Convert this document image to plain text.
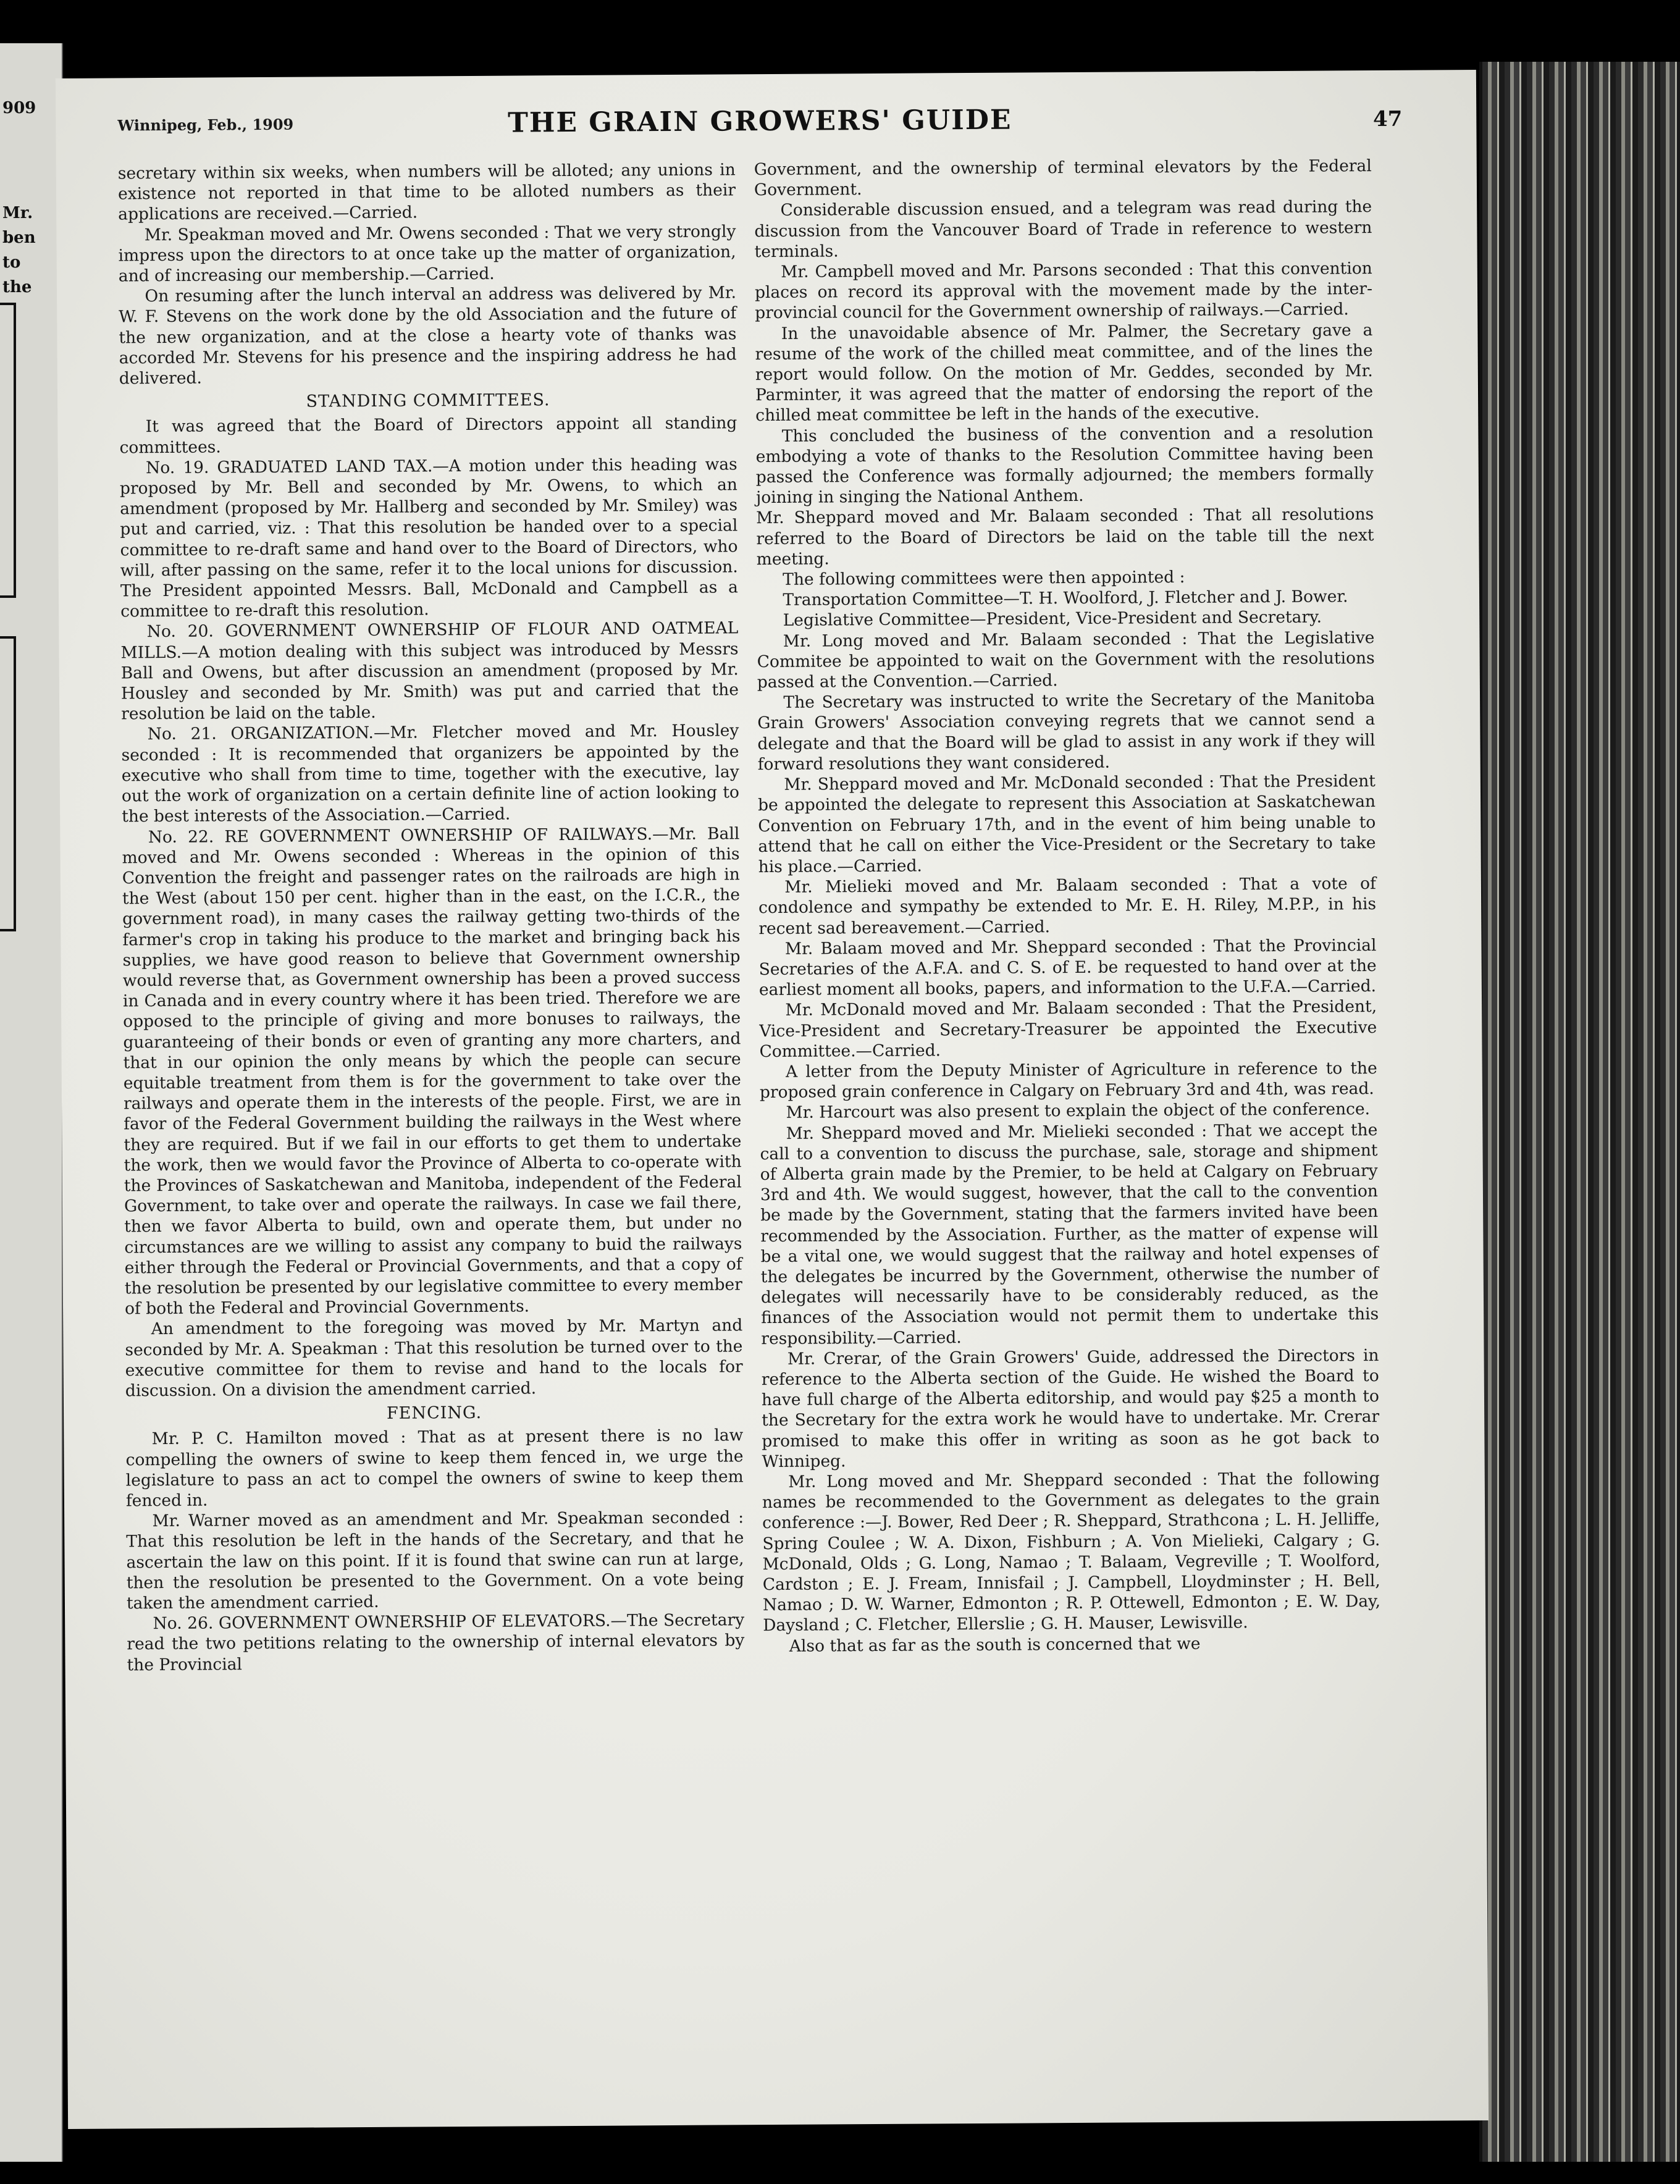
909
Mr.
ben
to
the
Winnipeg, Feb., 1909	THE GRAIN GROWERS' GUIDE	47

secretary within six weeks, when numbers will be alloted; any unions in existence not reported in that time to be alloted numbers as their applications are received.—Carried.

Mr. Speakman moved and Mr. Owens seconded : That we very strongly impress upon the directors to at once take up the matter of organization, and of increasing our membership.—Carried.

On resuming after the lunch interval an address was delivered by Mr. W. F. Stevens on the work done by the old Association and the future of the new organization, and at the close a hearty vote of thanks was accorded Mr. Stevens for his presence and the inspiring address he had delivered.

STANDING COMMITTEES.

It was agreed that the Board of Directors appoint all standing committees.

No. 19. GRADUATED LAND TAX.—A motion under this heading was proposed by Mr. Bell and seconded by Mr. Owens, to which an amendment (proposed by Mr. Hallberg and seconded by Mr. Smiley) was put and carried, viz. : That this resolution be handed over to a special committee to re-draft same and hand over to the Board of Directors, who will, after passing on the same, refer it to the local unions for discussion. The President appointed Messrs. Ball, McDonald and Campbell as a committee to re-draft this resolution.

No. 20. GOVERNMENT OWNERSHIP OF FLOUR AND OATMEAL MILLS.—A motion dealing with this subject was introduced by Messrs Ball and Owens, but after discussion an amendment (proposed by Mr. Housley and seconded by Mr. Smith) was put and carried that the resolution be laid on the table.

No. 21. ORGANIZATION.—Mr. Fletcher moved and Mr. Housley seconded : It is recommended that organizers be appointed by the executive who shall from time to time, together with the executive, lay out the work of organization on a certain definite line of action looking to the best interests of the Association.—Carried.

No. 22. RE GOVERNMENT OWNERSHIP OF RAILWAYS.—Mr. Ball moved and Mr. Owens seconded : Whereas in the opinion of this Convention the freight and passenger rates on the railroads are high in the West (about 150 per cent. higher than in the east, on the I.C.R., the government road), in many cases the railway getting two-thirds of the farmer's crop in taking his produce to the market and bringing back his supplies, we have good reason to believe that Government ownership would reverse that, as Government ownership has been a proved success in Canada and in every country where it has been tried. Therefore we are opposed to the principle of giving and more bonuses to railways, the guaranteeing of their bonds or even of granting any more charters, and that in our opinion the only means by which the people can secure equitable treatment from them is for the government to take over the railways and operate them in the interests of the people. First, we are in favor of the Federal Government building the railways in the West where they are required. But if we fail in our efforts to get them to undertake the work, then we would favor the Province of Alberta to co-operate with the Provinces of Saskatchewan and Manitoba, independent of the Federal Government, to take over and operate the railways. In case we fail there, then we favor Alberta to build, own and operate them, but under no circumstances are we willing to assist any company to buid the railways either through the Federal or Provincial Governments, and that a copy of the resolution be presented by our legislative committee to every member of both the Federal and Provincial Governments.

An amendment to the foregoing was moved by Mr. Martyn and seconded by Mr. A. Speakman : That this resolution be turned over to the executive committee for them to revise and hand to the locals for discussion. On a division the amendment carried.

FENCING.

Mr. P. C. Hamilton moved : That as at present there is no law compelling the owners of swine to keep them fenced in, we urge the legislature to pass an act to compel the owners of swine to keep them fenced in.

Mr. Warner moved as an amendment and Mr. Speakman seconded : That this resolution be left in the hands of the Secretary, and that he ascertain the law on this point. If it is found that swine can run at large, then the resolution be presented to the Government. On a vote being taken the amendment carried.

No. 26. GOVERNMENT OWNERSHIP OF ELEVATORS.—The Secretary read the two petitions relating to the ownership of internal elevators by the Provincial

Government, and the ownership of terminal elevators by the Federal Government.

Considerable discussion ensued, and a telegram was read during the discussion from the Vancouver Board of Trade in reference to western terminals.

Mr. Campbell moved and Mr. Parsons seconded : That this convention places on record its approval with the movement made by the inter-provincial council for the Government ownership of railways.—Carried.

In the unavoidable absence of Mr. Palmer, the Secretary gave a resume of the work of the chilled meat committee, and of the lines the report would follow. On the motion of Mr. Geddes, seconded by Mr. Parminter, it was agreed that the matter of endorsing the report of the chilled meat committee be left in the hands of the executive.

This concluded the business of the convention and a resolution embodying a vote of thanks to the Resolution Committee having been passed the Conference was formally adjourned; the members formally joining in singing the National Anthem.

Mr. Sheppard moved and Mr. Balaam seconded : That all resolutions referred to the Board of Directors be laid on the table till the next meeting.

The following committees were then appointed :

Transportation Committee—T. H. Woolford, J. Fletcher and J. Bower.

Legislative Committee—President, Vice-President and Secretary.

Mr. Long moved and Mr. Balaam seconded : That the Legislative Commitee be appointed to wait on the Government with the resolutions passed at the Convention.—Carried.

The Secretary was instructed to write the Secretary of the Manitoba Grain Growers' Association conveying regrets that we cannot send a delegate and that the Board will be glad to assist in any work if they will forward resolutions they want considered.

Mr. Sheppard moved and Mr. McDonald seconded : That the President be appointed the delegate to represent this Association at Saskatchewan Convention on February 17th, and in the event of him being unable to attend that he call on either the Vice-President or the Secretary to take his place.—Carried.

Mr. Mielieki moved and Mr. Balaam seconded : That a vote of condolence and sympathy be extended to Mr. E. H. Riley, M.P.P., in his recent sad bereavement.—Carried.

Mr. Balaam moved and Mr. Sheppard seconded : That the Provincial Secretaries of the A.F.A. and C. S. of E. be requested to hand over at the earliest moment all books, papers, and information to the U.F.A.—Carried.

Mr. McDonald moved and Mr. Balaam seconded : That the President, Vice-President and Secretary-Treasurer be appointed the Executive Committee.—Carried.

A letter from the Deputy Minister of Agriculture in reference to the proposed grain conference in Calgary on February 3rd and 4th, was read.

Mr. Harcourt was also present to explain the object of the conference.

Mr. Sheppard moved and Mr. Mielieki seconded : That we accept the call to a convention to discuss the purchase, sale, storage and shipment of Alberta grain made by the Premier, to be held at Calgary on February 3rd and 4th. We would suggest, however, that the call to the convention be made by the Government, stating that the farmers invited have been recommended by the Association. Further, as the matter of expense will be a vital one, we would suggest that the railway and hotel expenses of the delegates be incurred by the Government, otherwise the number of delegates will necessarily have to be considerably reduced, as the finances of the Association would not permit them to undertake this responsibility.—Carried.

Mr. Crerar, of the Grain Growers' Guide, addressed the Directors in reference to the Alberta section of the Guide. He wished the Board to have full charge of the Alberta editorship, and would pay $25 a month to the Secretary for the extra work he would have to undertake. Mr. Crerar promised to make this offer in writing as soon as he got back to Winnipeg.

Mr. Long moved and Mr. Sheppard seconded : That the following names be recommended to the Government as delegates to the grain conference :—J. Bower, Red Deer ; R. Sheppard, Strathcona ; L. H. Jelliffe, Spring Coulee ; W. A. Dixon, Fishburn ; A. Von Mielieki, Calgary ; G. McDonald, Olds ; G. Long, Namao ; T. Balaam, Vegreville ; T. Woolford, Cardston ; E. J. Fream, Innisfail ; J. Campbell, Lloydminster ; H. Bell, Namao ; D. W. Warner, Edmonton ; R. P. Ottewell, Edmonton ; E. W. Day, Daysland ; C. Fletcher, Ellerslie ; G. H. Mauser, Lewisville.

Also that as far as the south is concerned that we
